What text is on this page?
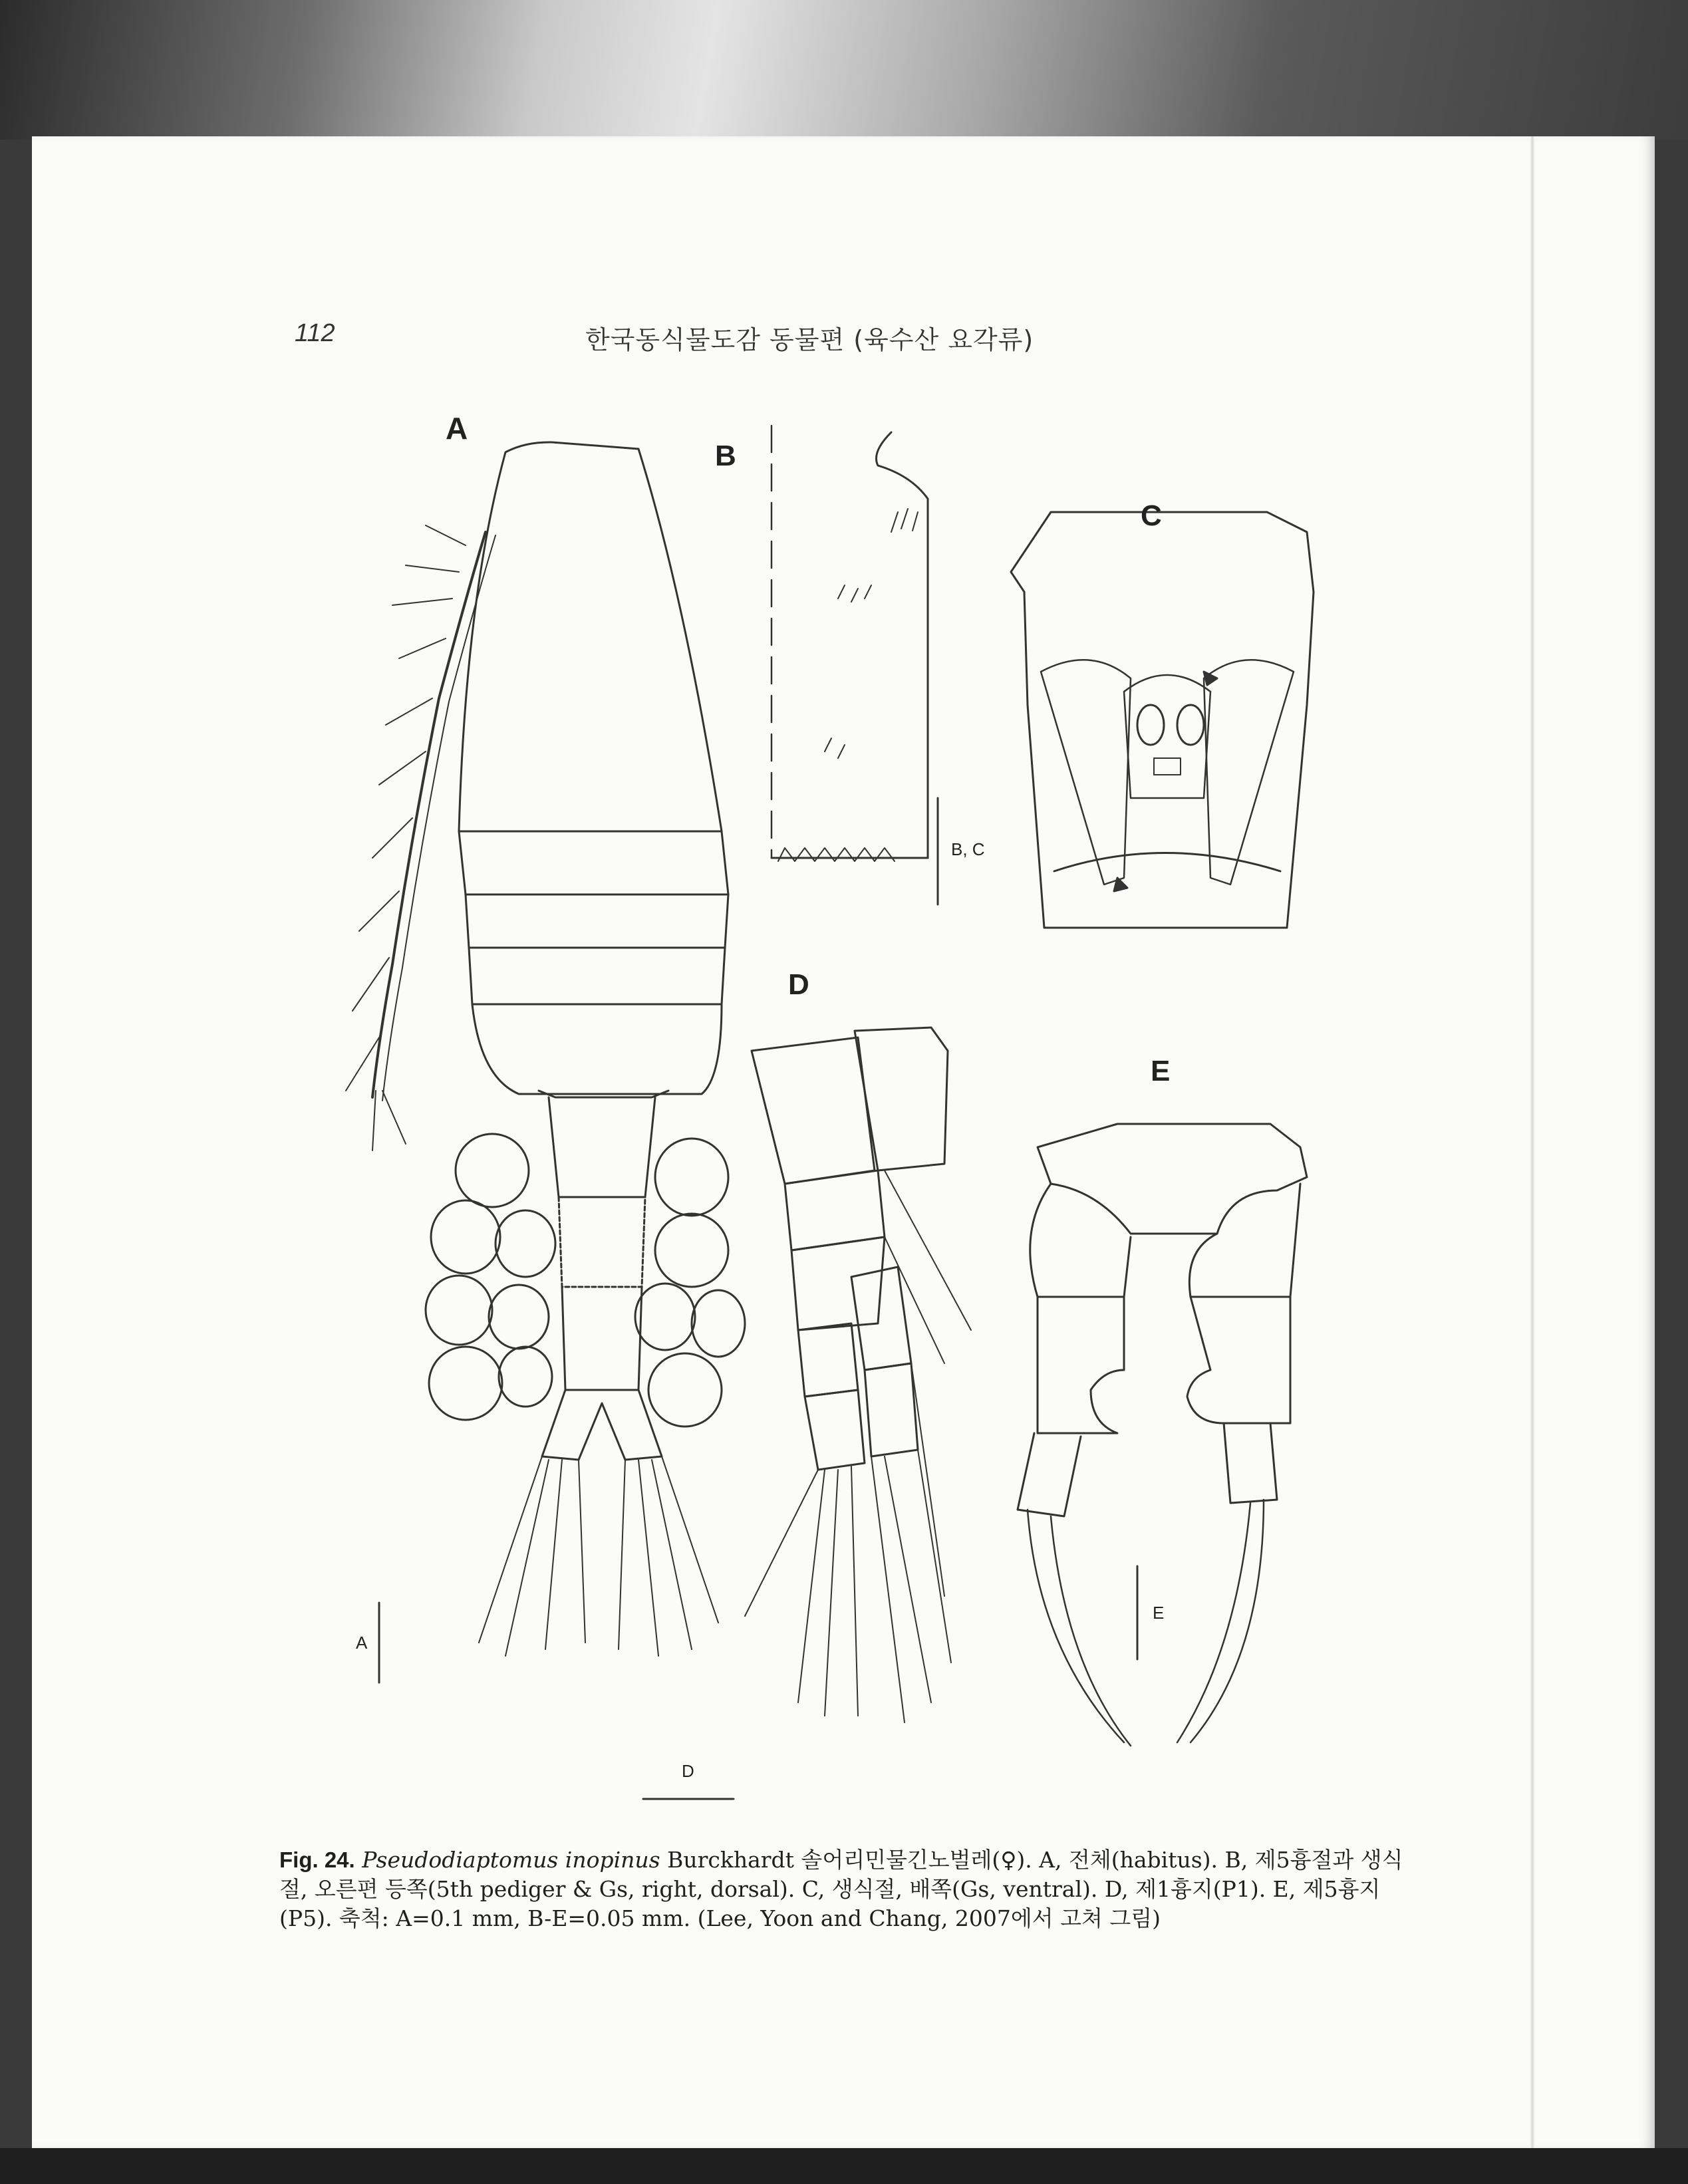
112	한국동식물도감 동물편 (육수산 요각류)
A
B
C
D
E
A
B, C
D
E
Fig. 24. Pseudodiaptomus inopinus Burckhardt 솔어리민물긴노벌레(♀). A, 전체(habitus). B, 제5흉절과 생식절, 오른편 등쪽(5th pediger & Gs, right, dorsal). C, 생식절, 배쪽(Gs, ventral). D, 제1흉지(P1). E, 제5흉지(P5). 축척: A=0.1 mm, B-E=0.05 mm. (Lee, Yoon and Chang, 2007에서 고쳐 그림)
